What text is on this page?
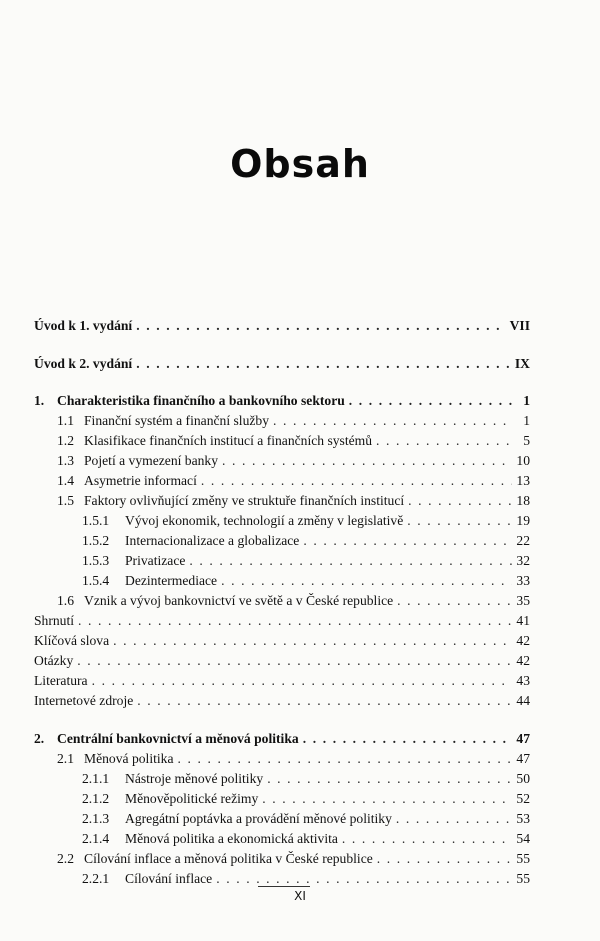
Obsah
Úvod k 1. vydání . . .	VII
Úvod k 2. vydání . . .	IX
1. Charakteristika finančního a bankovního sektoru . . .	1
1.1 Finanční systém a finanční služby . . .	1
1.2 Klasifikace finančních institucí a finančních systémů . . .	5
1.3 Pojetí a vymezení banky . . .	10
1.4 Asymetrie informací . . .	13
1.5 Faktory ovlivňující změny ve struktuře finančních institucí . . .	18
1.5.1 Vývoj ekonomik, technologií a změny v legislativě . . .	19
1.5.2 Internacionalizace a globalizace . . .	22
1.5.3 Privatizace . . .	32
1.5.4 Dezintermediace . . .	33
1.6 Vznik a vývoj bankovnictví ve světě a v České republice . . .	35
Shrnutí . . .	41
Klíčová slova . . .	42
Otázky . . .	42
Literatura . . .	43
Internetové zdroje . . .	44
2. Centrální bankovnictví a měnová politika . . .	47
2.1 Měnová politika . . .	47
2.1.1 Nástroje měnové politiky . . .	50
2.1.2 Měnověpolitické režimy . . .	52
2.1.3 Agregátní poptávka a provádění měnové politiky . . .	53
2.1.4 Měnová politika a ekonomická aktivita . . .	54
2.2 Cílování inflace a měnová politika v České republice . . .	55
2.2.1 Cílování inflace . . .	55
XI
